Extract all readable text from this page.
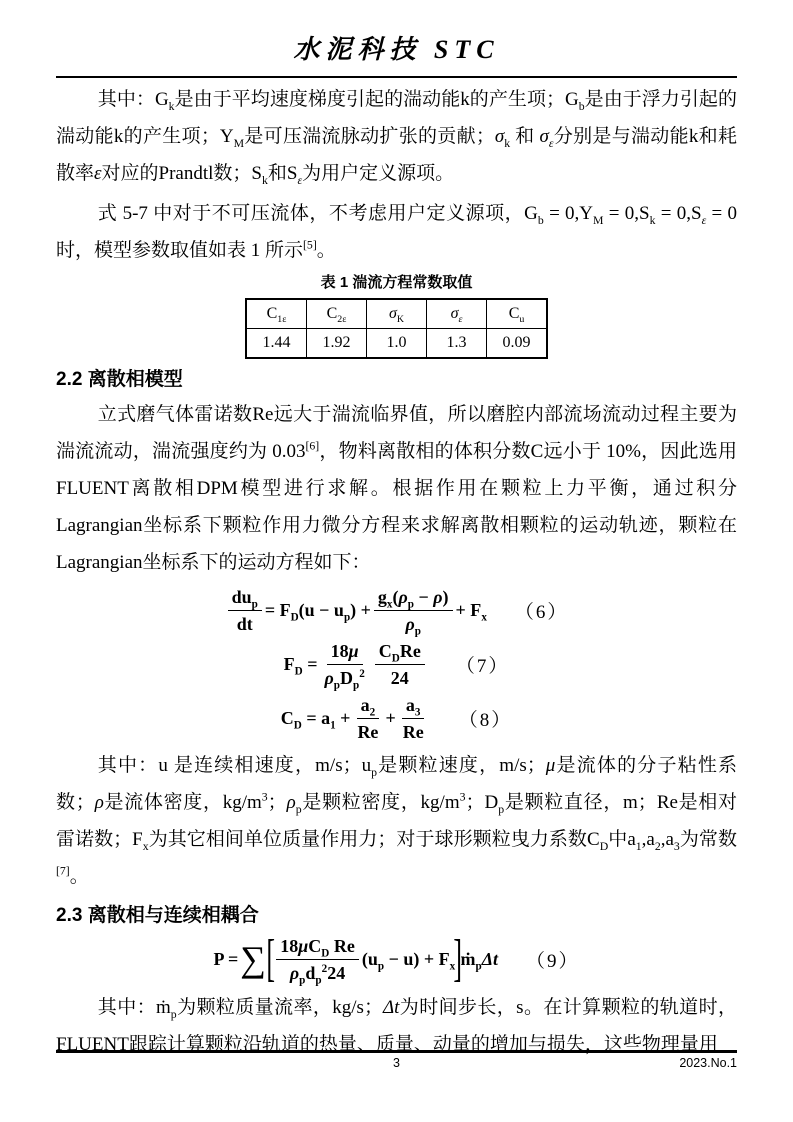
水泥科技 STC

其中：$G_k$是由于平均速度梯度引起的湍动能k的产生项；$G_b$是由于浮力引起的湍动能k的产生项；$Y_M$是可压湍流脉动扩张的贡献；$\sigma_k$ 和 $\sigma_\varepsilon$分别是与湍动能k和耗散率ε对应的Prandtl数；$S_k$和$S_\varepsilon$为用户定义源项。

式 5-7 中对于不可压流体，不考虑用户定义源项，$G_b = 0,Y_M = 0,S_k = 0,S_\varepsilon = 0$ 时，模型参数取值如表 1 所示[5]。

表 1 湍流方程常数取值
$C_{1\varepsilon}$	$C_{2\varepsilon}$	$\sigma_K$	$\sigma_\varepsilon$	$C_u$
1.44	1.92	1.0	1.3	0.09
2.2 离散相模型

立式磨气体雷诺数Re远大于湍流临界值，所以磨腔内部流场流动过程主要为湍流流动，湍流强度约为 0.03[6]，物料离散相的体积分数C远小于 10%，因此选用FLUENT离散相DPM模型进行求解。根据作用在颗粒上力平衡，通过积分Lagrangian坐标系下颗粒作用力微分方程来求解离散相颗粒的运动轨迹，颗粒在Lagrangian坐标系下的运动方程如下：

$\frac{du_p}{dt} = F_D(u - u_p) + \frac{g_x(\rho_p - \rho)}{\rho_p} + F_x$ （6）
$F_D = \frac{18\mu}{\rho_pD_p^2} \frac{C_DRe}{24} (7)$
$C_D = a_1 + \frac{a_2}{Re} + \frac{a_3}{Re} (8)$

其中：u 是连续相速度，m/s；$u_p$是颗粒速度，m/s；μ是流体的分子粘性系数；ρ是流体密度，$kg/m^3$；$\rho_p$是颗粒密度，$kg/m^3$；$D_p$是颗粒直径，m；Re是相对雷诺数；$F_x$为其它相间单位质量作用力；对于球形颗粒曳力系数$C_D$中$a_1,a_2,a_3$为常数[7]。

2.3 离散相与连续相耦合
P = ∑ [ $\frac{18\mu C_D Re}{\rho_pd_p^224} (u_p - u) + F_x$
]
ṁ$_p$Δt （9）

其中：ṁ$_p$为颗粒质量流率，kg/s；Δt为时间步长，s。在计算颗粒的轨道时，FLUENT跟踪计算颗粒沿轨道的热量、质量、动量的增加与损失，这些物理量用

3	2023.No.1
